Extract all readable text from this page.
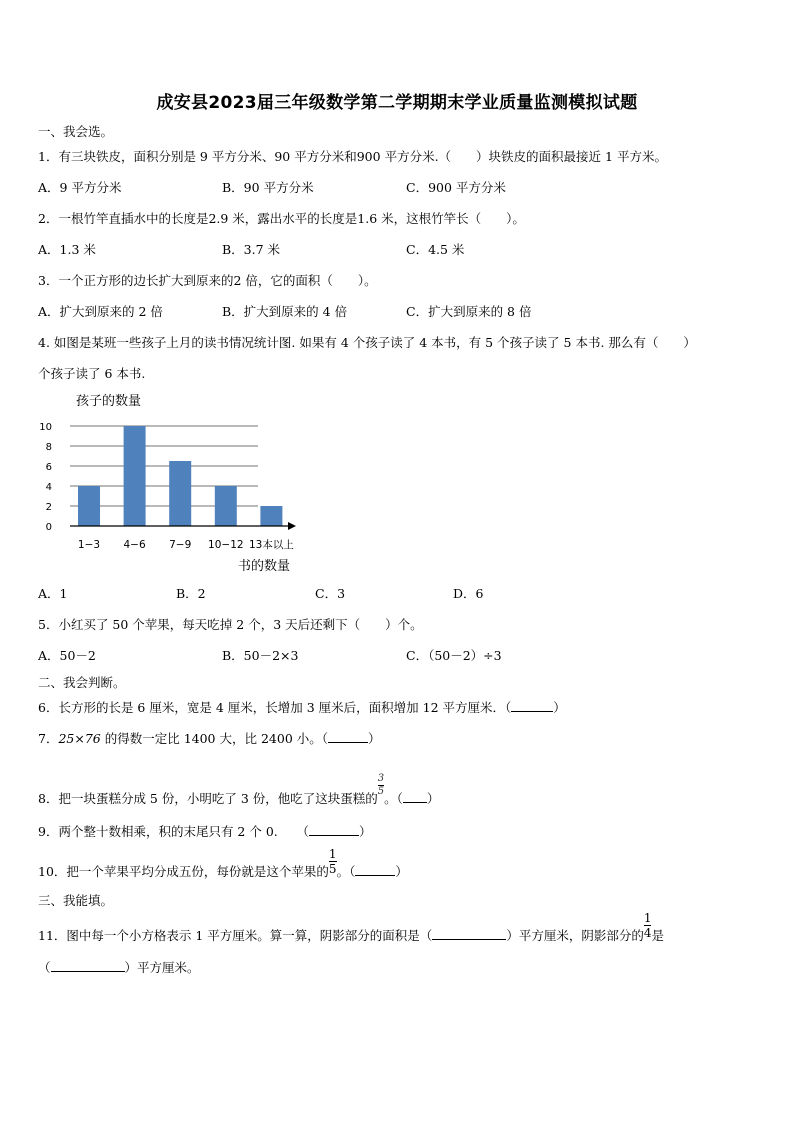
成安县2023届三年级数学第二学期期末学业质量监测模拟试题
一、我会选。
1．有三块铁皮，面积分别是 9 平方分米、90 平方分米和900 平方分米.（　　）块铁皮的面积最接近 1 平方米。
A．9 平方分米	B．90 平方分米	C．900 平方分米
2．一根竹竿直插水中的长度是2.9 米，露出水平的长度是1.6 米，这根竹竿长（　　）。
A．1.3 米	B．3.7 米	C．4.5 米
3．一个正方形的边长扩大到原来的2 倍，它的面积（　　）。
A．扩大到原来的 2 倍	B．扩大到原来的 4 倍	C．扩大到原来的 8 倍
4. 如图是某班一些孩子上月的读书情况统计图. 如果有 4 个孩子读了 4 本书，有 5 个孩子读了 5 本书. 那么有（　　）
个孩子读了 6 本书.
0
2
4
6
8
10
1−3 4−6 7−9 10−12 13本以上
孩子的数量
书的数量
A．1	B．2	C．3	D．6
5．小红买了 50 个苹果，每天吃掉 2 个，3 天后还剩下（　　）个。
A．50－2	B．50－2×3	C．（50－2）÷3
二、我会判断。
6．长方形的长是 6 厘米，宽是 4 厘米，长增加 3 厘米后，面积增加 12 平方厘米．（	）
7．25×76 的得数一定比 1400 大，比 2400 小。（	）
8．把一块蛋糕分成 5 份，小明吃了 3 份，他吃了这块蛋糕的
$\frac{3}{5}$
。（ ）
9．两个整十数相乘，积的末尾只有 2 个 0.　　（	）
10．把一个苹果平均分成五份，每份就是这个苹果的 $\frac{1}{5}$ 。（	）
三、我能填。
11．图中每一个小方格表示 1 平方厘米。算一算，阴影部分的面积是（	）平方厘米，阴影部分的 $\frac{1}{4}$ 是
（	）平方厘米。
